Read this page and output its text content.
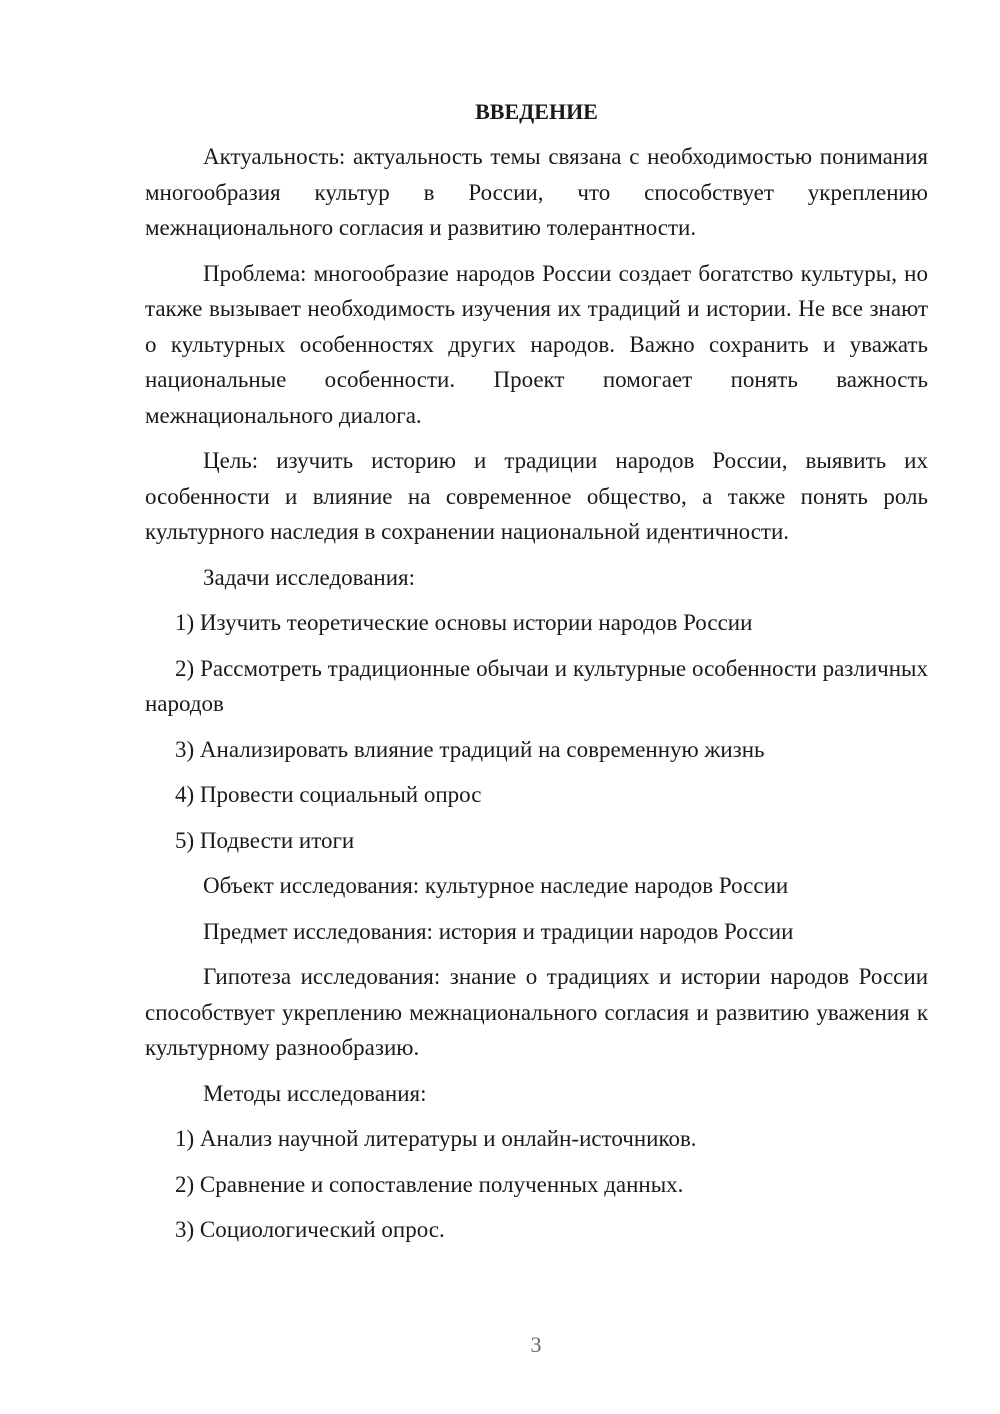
ВВЕДЕНИЕ

Актуальность: актуальность темы связана с необходимостью понимания многообразия культур в России, что способствует укреплению межнационального согласия и развитию толерантности.

Проблема: многообразие народов России создает богатство культуры, но также вызывает необходимость изучения их традиций и истории. Не все знают о культурных особенностях других народов. Важно сохранить и уважать национальные особенности. Проект помогает понять важность межнационального диалога.

Цель: изучить историю и традиции народов России, выявить их особенности и влияние на современное общество, а также понять роль культурного наследия в сохранении национальной идентичности.

Задачи исследования:

1) Изучить теоретические основы истории народов России

2) Рассмотреть традиционные обычаи и культурные особенности различных народов

3) Анализировать влияние традиций на современную жизнь

4) Провести социальный опрос

5) Подвести итоги

Объект исследования: культурное наследие народов России

Предмет исследования: история и традиции народов России

Гипотеза исследования: знание о традициях и истории народов России способствует укреплению межнационального согласия и развитию уважения к культурному разнообразию.

Методы исследования:

1) Анализ научной литературы и онлайн-источников.

2) Сравнение и сопоставление полученных данных.

3) Социологический опрос.

3
